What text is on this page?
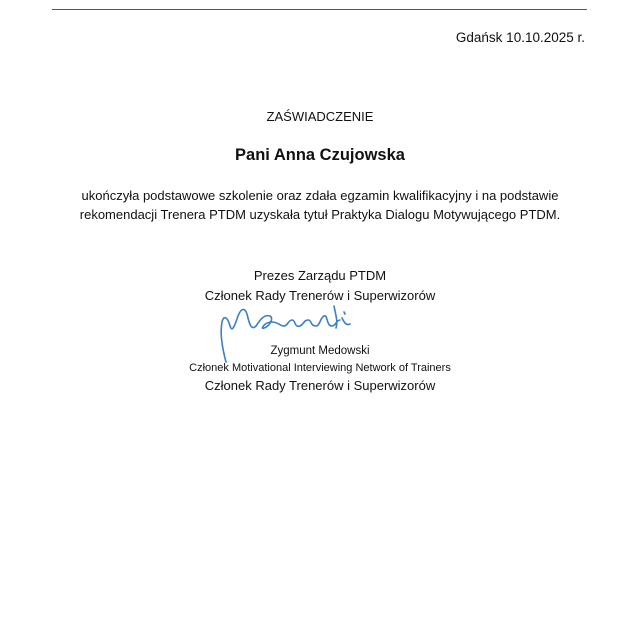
Gdańsk 10.10.2025 r.
ZAŚWIADCZENIE
Pani Anna Czujowska
ukończyła podstawowe szkolenie oraz zdała egzamin kwalifikacyjny i na podstawie
rekomendacji Trenera PTDM uzyskała tytuł Praktyka Dialogu Motywującego PTDM.
Prezes Zarządu PTDM
Członek Rady Trenerów i Superwizorów
Zygmunt Medowski
Członek Motivational Interviewing Network of Trainers
Członek Rady Trenerów i Superwizorów
